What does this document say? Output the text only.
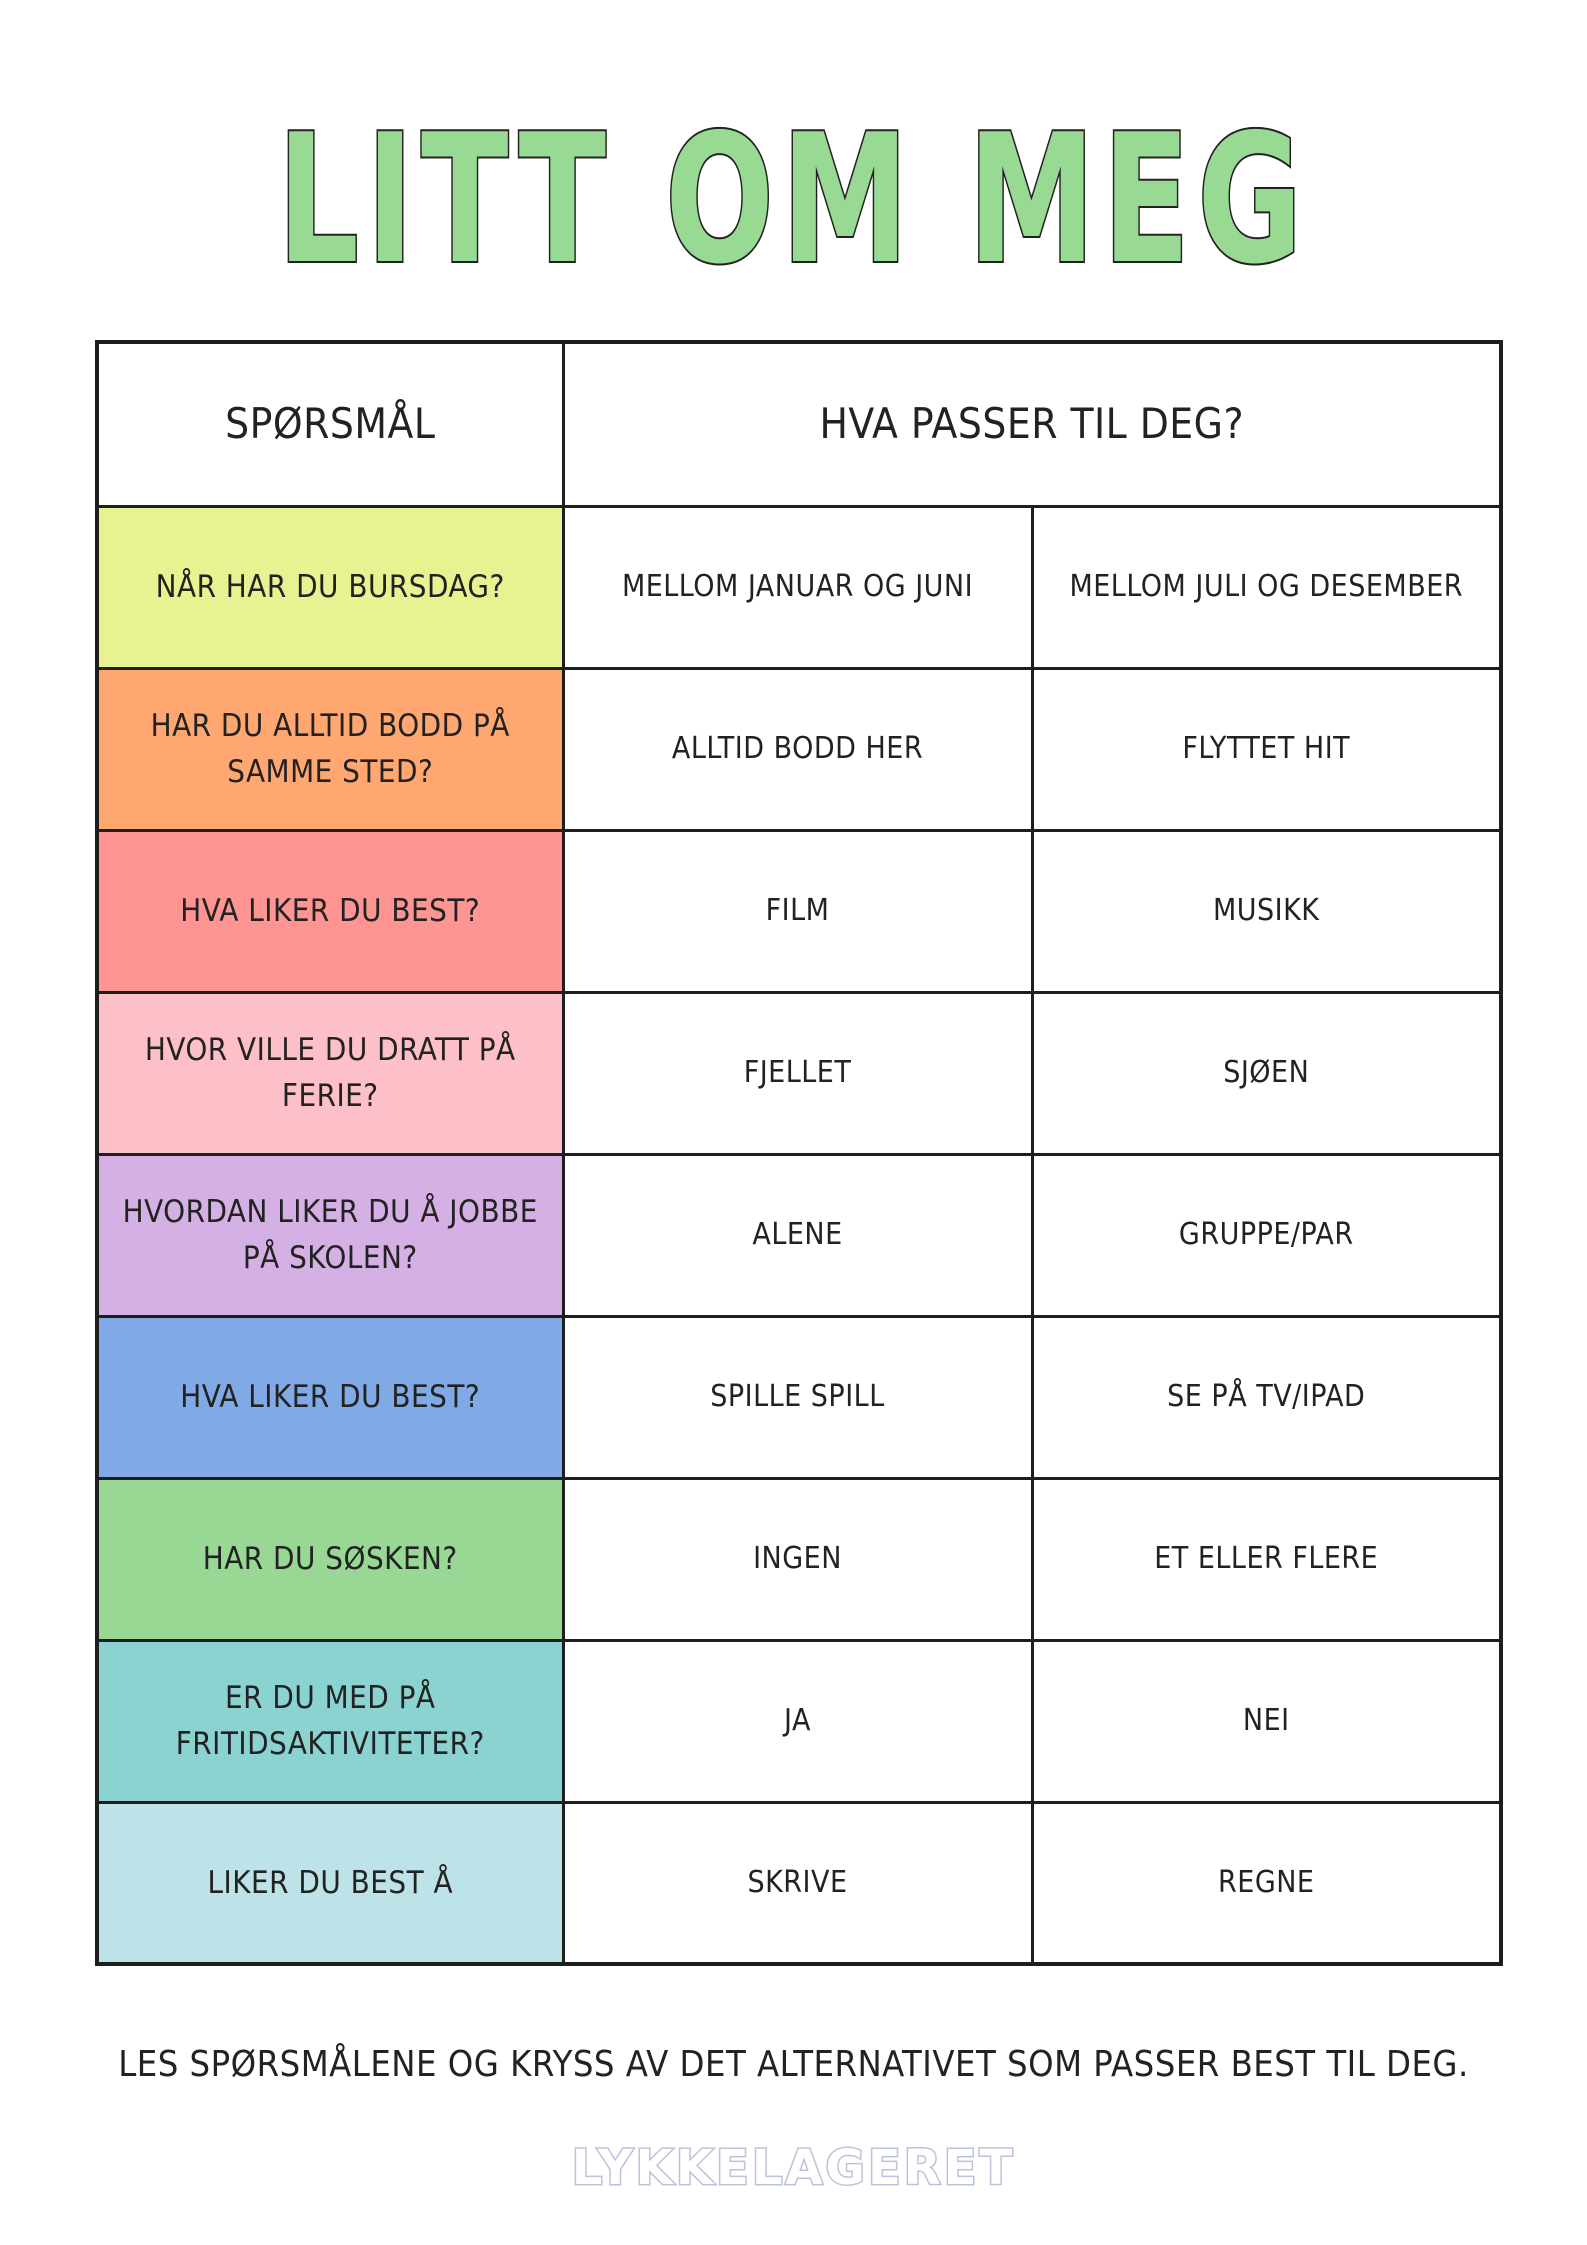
LITT OM MEG
SPØRSMÅL	HVA PASSER TIL DEG?	
NÅR HAR DU BURSDAG?	MELLOM JANUAR OG JUNI	MELLOM JULI OG DESEMBER
HAR DU ALLTID BODD PÅ SAMME STED?	ALLTID BODD HER	FLYTTET HIT
HVA LIKER DU BEST?	FILM	MUSIKK
HVOR VILLE DU DRATT PÅ FERIE?	FJELLET	SJØEN
HVORDAN LIKER DU Å JOBBE PÅ SKOLEN?	ALENE	GRUPPE/PAR
HVA LIKER DU BEST?	SPILLE SPILL	SE PÅ TV/IPAD
HAR DU SØSKEN?	INGEN	ET ELLER FLERE
ER DU MED PÅ FRITIDSAKTIVITETER?	JA	NEI
LIKER DU BEST Å	SKRIVE	REGNE
LES SPØRSMÅLENE OG KRYSS AV DET ALTERNATIVET SOM PASSER BEST TIL DEG.
LYKKELAGERET
